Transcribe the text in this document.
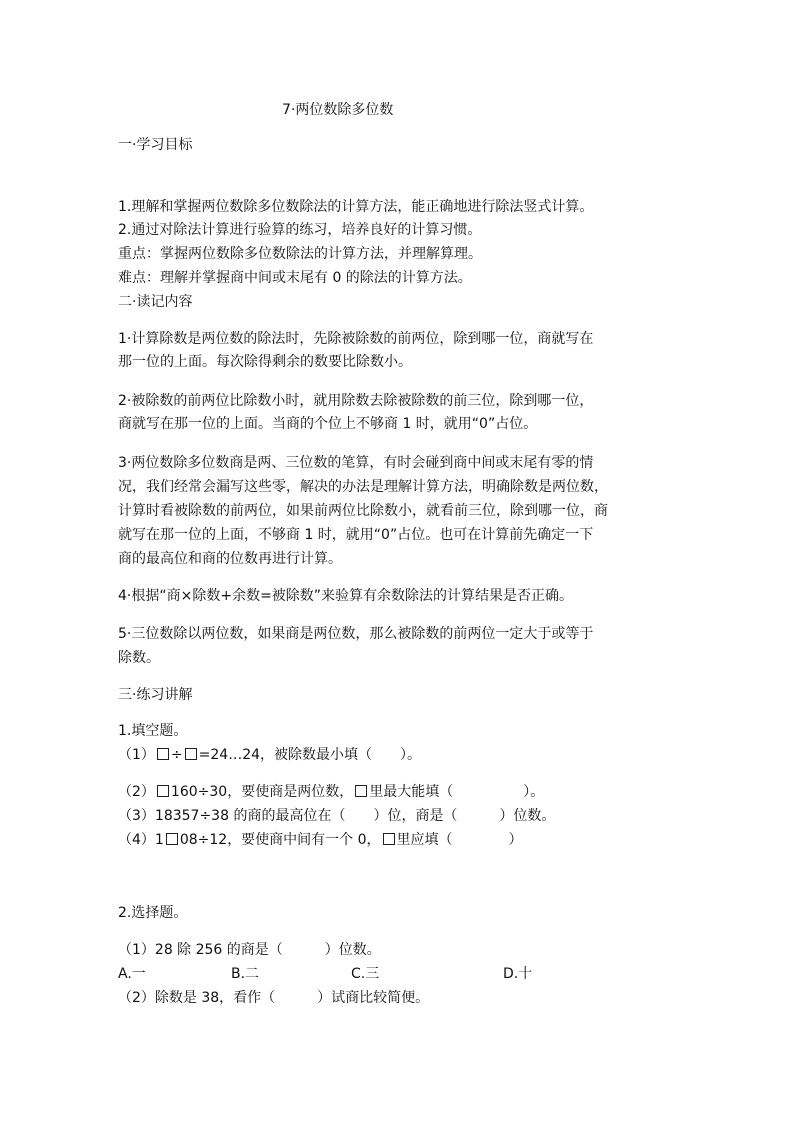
7·两位数除多位数
一·学习目标
1.理解和掌握两位数除多位数除法的计算方法，能正确地进行除法竖式计算。
2.通过对除法计算进行验算的练习，培养良好的计算习惯。
重点：掌握两位数除多位数除法的计算方法，并理解算理。
难点：理解并掌握商中间或末尾有 0 的除法的计算方法。
二·读记内容
1·计算除数是两位数的除法时，先除被除数的前两位，除到哪一位，商就写在
那一位的上面。每次除得剩余的数要比除数小。
2·被除数的前两位比除数小时，就用除数去除被除数的前三位，除到哪一位，
商就写在那一位的上面。当商的个位上不够商 1 时，就用“0”占位。
3·两位数除多位数商是两、三位数的笔算，有时会碰到商中间或末尾有零的情
况，我们经常会漏写这些零，解决的办法是理解计算方法，明确除数是两位数，
计算时看被除数的前两位，如果前两位比除数小，就看前三位，除到哪一位，商
就写在那一位的上面，不够商 1 时，就用“0”占位。也可在计算前先确定一下
商的最高位和商的位数再进行计算。
4·根据“商×除数+余数=被除数”来验算有余数除法的计算结果是否正确。
5·三位数除以两位数，如果商是两位数，那么被除数的前两位一定大于或等于
除数。
三·练习讲解
1.填空题。
（1） ÷ =24…24，被除数最小填（　　）。
（2） 160÷30，要使商是两位数， 里最大能填（　　　　　）。
（3）18357÷38 的商的最高位在（　　）位，商是（　　　）位数。
（4）1 08÷12，要使商中间有一个 0， 里应填（　　　　）
2.选择题。
（1）28 除 256 的商是（　　　）位数。
A.一	B.二	C.三	D.十
（2）除数是 38，看作（　　　）试商比较简便。
